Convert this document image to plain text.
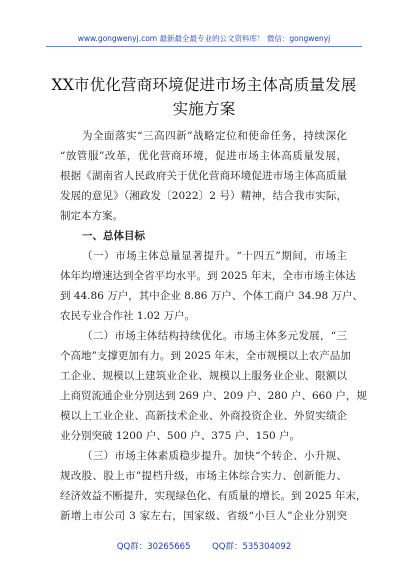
www.gongwenyj.com 最新最全最专业的公文资料库！ 微信：gongwenyj
XX市优化营商环境促进市场主体高质量发展
实施方案
为全面落实“三高四新”战略定位和使命任务，持续深化
“放管服”改革，优化营商环境，促进市场主体高质量发展，
根据《湖南省人民政府关于优化营商环境促进市场主体高质量
发展的意见》（湘政发〔2022〕2 号）精神，结合我市实际，
制定本方案。
一、总体目标
（一）市场主体总量显著提升。“十四五”期间，市场主
体年均增速达到全省平均水平。到 2025 年末，全市市场主体达
到 44.86 万户，其中企业 8.86 万户、个体工商户 34.98 万户、
农民专业合作社 1.02 万户。
（二）市场主体结构持续优化。市场主体多元发展，“三
个高地”支撑更加有力。到 2025 年末，全市规模以上农产品加
工企业、规模以上建筑业企业、规模以上服务业企业、限额以
上商贸流通企业分别达到 269 户、209 户、280 户、660 户，规
模以上工业企业、高新技术企业、外商投资企业、外贸实绩企
业分别突破 1200 户、500 户、375 户、150 户。
（三）市场主体素质稳步提升。加快“个转企、小升规、
规改股、股上市”提档升级，市场主体综合实力、创新能力、
经济效益不断提升，实现绿色化、有质量的增长。到 2025 年末，
新增上市公司 3 家左右，国家级、省级“小巨人”企业分别突
QQ群：30265665        QQ群：535304092
